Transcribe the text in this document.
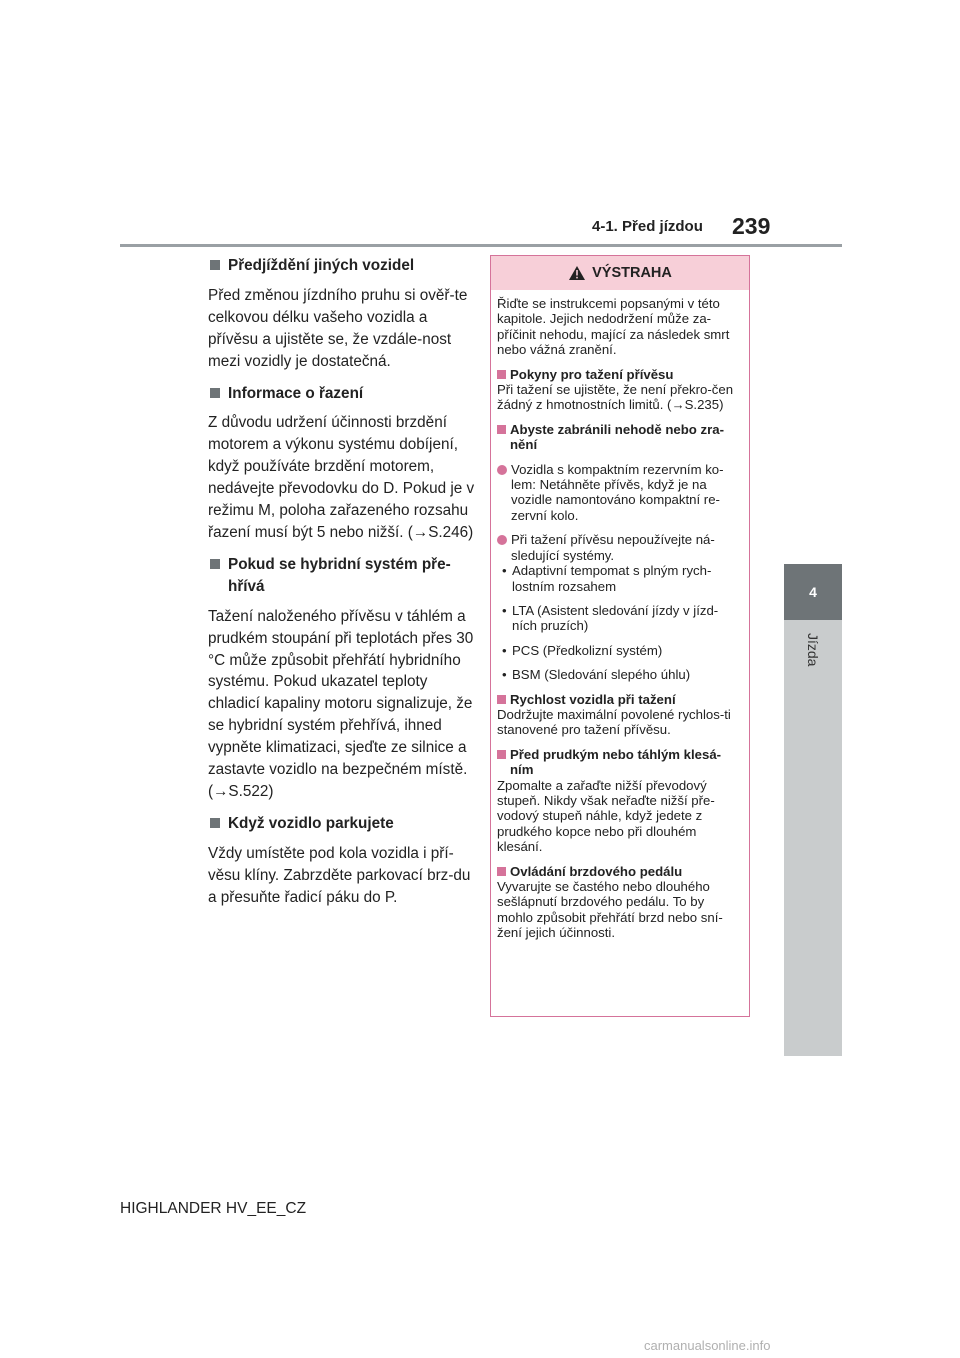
4-1. Před jízdou 239
4
Jízda
Předjíždění jiných vozidel
Před změnou jízdního pruhu si ověř-te celkovou délku vašeho vozidla a přívěsu a ujistěte se, že vzdále-nost mezi vozidly je dostatečná.
Informace o řazení
Z důvodu udržení účinnosti brzdění motorem a výkonu systému dobíjení, když používáte brzdění motorem, nedávejte převodovku do D. Pokud je v režimu M, poloha zařazeného rozsahu řazení musí být 5 nebo nižší. (→S.246)
Pokud se hybridní systém pře-hřívá
Tažení naloženého přívěsu v táhlém a prudkém stoupání při teplotách přes 30 °C může způsobit přehřátí hybridního systému. Pokud ukazatel teploty chladicí kapaliny motoru signalizuje, že se hybridní systém přehřívá, ihned vypněte klimatizaci, sjeďte ze silnice a zastavte vozidlo na bezpečném místě. (→S.522)
Když vozidlo parkujete
Vždy umístěte pod kola vozidla i pří-věsu klíny. Zabrzděte parkovací brz-du a přesuňte řadicí páku do P.
VÝSTRAHA
Řiďte se instrukcemi popsanými v této kapitole. Jejich nedodržení může za-příčinit nehodu, mající za následek smrt nebo vážná zranění.
Pokyny pro tažení přívěsu
Při tažení se ujistěte, že není překro-čen žádný z hmotnostních limitů. (→S.235)
Abyste zabránili nehodě nebo zra-nění
Vozidla s kompaktním rezervním ko-lem: Netáhněte přívěs, když je na vozidle namontováno kompaktní re-zervní kolo.
Při tažení přívěsu nepoužívejte ná-sledující systémy.
• Adaptivní tempomat s plným rych-lostním rozsahem
• LTA (Asistent sledování jízdy v jízd-ních pruzích)
• PCS (Předkolizní systém)
• BSM (Sledování slepého úhlu)
Rychlost vozidla při tažení
Dodržujte maximální povolené rychlos-ti stanovené pro tažení přívěsu.
Před prudkým nebo táhlým klesá-ním
Zpomalte a zařaďte nižší převodový stupeň. Nikdy však neřaďte nižší pře-vodový stupeň náhle, když jedete z prudkého kopce nebo při dlouhém klesání.
Ovládání brzdového pedálu
Vyvarujte se častého nebo dlouhého sešlápnutí brzdového pedálu. To by mohlo způsobit přehřátí brzd nebo sní-žení jejich účinnosti.
HIGHLANDER HV_EE_CZ
carmanualsonline.info
